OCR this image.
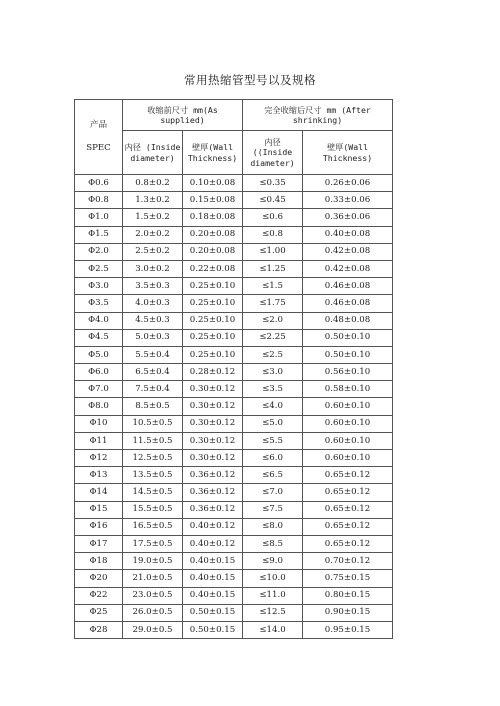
常用热缩管型号以及规格
产品
SPEC	收缩前尺寸 mm(As supplied)		完全收缩后尺寸 mm (After shrinking)	
	内径 (Inside diameter)	壁厚(Wall Thickness)	内径 ((Inside diameter)	壁厚(Wall Thickness)
Φ0.6	0.8±0.2	0.10±0.08	≤0.35	0.26±0.06
Φ0.8	1.3±0.2	0.15±0.08	≤0.45	0.33±0.06
Φ1.0	1.5±0.2	0.18±0.08	≤0.6	0.36±0.06
Φ1.5	2.0±0.2	0.20±0.08	≤0.8	0.40±0.08
Φ2.0	2.5±0.2	0.20±0.08	≤1.00	0.42±0.08
Φ2.5	3.0±0.2	0.22±0.08	≤1.25	0.42±0.08
Φ3.0	3.5±0.3	0.25±0.10	≤1.5	0.46±0.08
Φ3.5	4.0±0.3	0.25±0.10	≤1.75	0.46±0.08
Φ4.0	4.5±0.3	0.25±0.10	≤2.0	0.48±0.08
Φ4.5	5.0±0.3	0.25±0.10	≤2.25	0.50±0.10
Φ5.0	5.5±0.4	0.25±0.10	≤2.5	0.50±0.10
Φ6.0	6.5±0.4	0.28±0.12	≤3.0	0.56±0.10
Φ7.0	7.5±0.4	0.30±0.12	≤3.5	0.58±0.10
Φ8.0	8.5±0.5	0.30±0.12	≤4.0	0.60±0.10
Φ10	10.5±0.5	0.30±0.12	≤5.0	0.60±0.10
Φ11	11.5±0.5	0.30±0.12	≤5.5	0.60±0.10
Φ12	12.5±0.5	0.30±0.12	≤6.0	0.60±0.10
Φ13	13.5±0.5	0.36±0.12	≤6.5	0.65±0.12
Φ14	14.5±0.5	0.36±0.12	≤7.0	0.65±0.12
Φ15	15.5±0.5	0.36±0.12	≤7.5	0.65±0.12
Φ16	16.5±0.5	0.40±0.12	≤8.0	0.65±0.12
Φ17	17.5±0.5	0.40±0.12	≤8.5	0.65±0.12
Φ18	19.0±0.5	0.40±0.15	≤9.0	0.70±0.12
Φ20	21.0±0.5	0.40±0.15	≤10.0	0.75±0.15
Φ22	23.0±0.5	0.40±0.15	≤11.0	0.80±0.15
Φ25	26.0±0.5	0.50±0.15	≤12.5	0.90±0.15
Φ28	29.0±0.5	0.50±0.15	≤14.0	0.95±0.15
